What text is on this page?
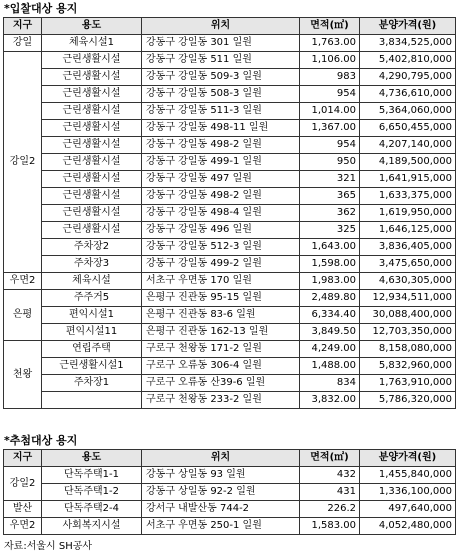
*입찰대상 용지
지구	용도	위치	면적(㎡)	분양가격(원)
강일	체육시설1	강동구 강일동 301 일원	1,763.00	3,834,525,000
강일2	근린생활시설	강동구 강일동 511 일원	1,106.00	5,402,810,000
	근린생활시설	강동구 강일동 509-3 일원	983	4,290,795,000
	근린생활시설	강동구 강일동 508-3 일원	954	4,736,610,000
	근린생활시설	강동구 강일동 511-3 일원	1,014.00	5,364,060,000
	근린생활시설	강동구 강일동 498-11 일원	1,367.00	6,650,455,000
	근린생활시설	강동구 강일동 498-2 일원	954	4,207,140,000
	근린생활시설	강동구 강일동 499-1 일원	950	4,189,500,000
	근린생활시설	강동구 강일동 497 일원	321	1,641,915,000
	근린생활시설	강동구 강일동 498-2 일원	365	1,633,375,000
	근린생활시설	강동구 강일동 498-4 일원	362	1,619,950,000
	근린생활시설	강동구 강일동 496 일원	325	1,646,125,000
	주차장2	강동구 강일동 512-3 일원	1,643.00	3,836,405,000
	주차장3	강동구 강일동 499-2 일원	1,598.00	3,475,650,000
우면2	체육시설	서초구 우면동 170 일원	1,983.00	4,630,305,000
은평	주주거5	은평구 진관동 95-15 일원	2,489.80	12,934,511,000
	편익시설1	은평구 진관동 83-6 일원	6,334.40	30,088,400,000
	편익시설11	은평구 진관동 162-13 일원	3,849.50	12,703,350,000
천왕	연립주택	구로구 천왕동 171-2 일원	4,249.00	8,158,080,000
	근린생활시설1	구로구 오류동 306-4 일원	1,488.00	5,832,960,000
	주차장1	구로구 오류동 산39-6 일원	834	1,763,910,000
		구로구 천왕동 233-2 일원	3,832.00	5,786,320,000
*추첨대상 용지
지구	용도	위치	면적(㎡)	분양가격(원)
강일2	단독주택1-1	강동구 상일동 93 일원	432	1,455,840,000
	단독주택1-2	강동구 상일동 92-2 일원	431	1,336,100,000
발산	단독주택2-4	강서구 내발산동 744-2	226.2	497,640,000
우면2	사회복지시설	서초구 우면동 250-1 일원	1,583.00	4,052,480,000
자료:서울시 SH공사
